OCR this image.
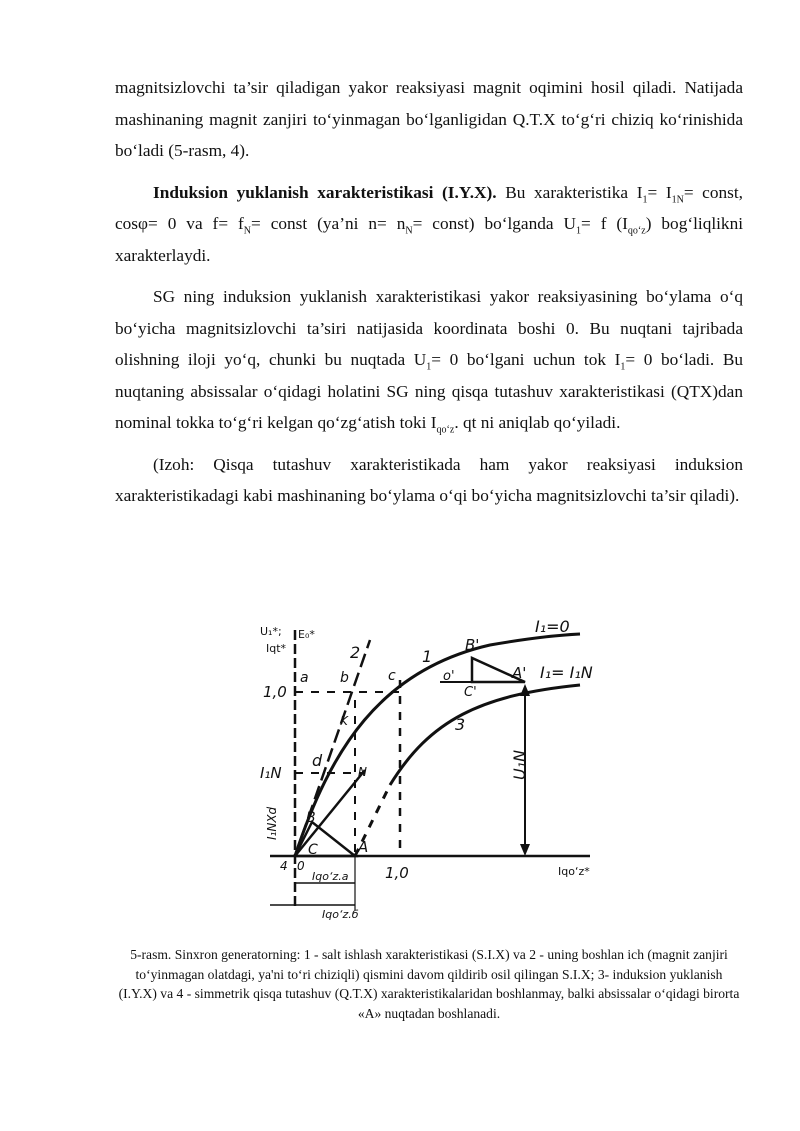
magnitsizlovchi ta’sir qiladigan yakor reaksiyasi magnit oqimini hosil qiladi. Natijada mashinaning magnit zanjiri to‘yinmagan bo‘lganligidan Q.T.X to‘g‘ri chiziq ko‘rinishida bo‘ladi (5-rasm, 4).

Induksion yuklanish xarakteristikasi (I.Y.X). Bu xarakteristika $I_1= I_{1N}=$ const, cosφ= 0 va $f= f_N=$ const (ya’ni $n= n_N=$ const) bo‘lganda $U_1= f$ $(I_{qo‘z})$ bog‘liqlikni xarakterlaydi.

SG ning induksion yuklanish xarakteristikasi yakor reaksiyasining bo‘ylama o‘q bo‘yicha magnitsizlovchi ta’siri natijasida koordinata boshi 0. Bu nuqtani tajribada olishning iloji yo‘q, chunki bu nuqtada $U_1= 0$ bo‘lgani uchun tok $I_1= 0$ bo‘ladi. Bu nuqtaning absissalar o‘qidagi holatini SG ning qisqa tutashuv xarakteristikasi (QTX)dan nominal tokka to‘g‘ri kelgan qo‘zg‘atish toki $I_{qo‘z}$. qt ni aniqlab qo‘yiladi.

(Izoh: Qisqa tutashuv xarakteristikada ham yakor reaksiyasi induksion xarakteristikadagi kabi mashinaning bo‘ylama o‘qi bo‘yicha magnitsizlovchi ta’sir qiladi).

U₁*;
Iqt*
E₀*
Iqo‘z*
1,0
1,0
I₁N
I₁NXd
0
4
a b	c
d
A
A'
B
B'
C
C'
o'
N
K
1
2
3
I₁=0
I₁= I₁N
U₁N
Iqo‘z.a
Iqo‘z.б
5-rasm. Sinxron generatorning: 1 - salt ishlash xarakteristikasi (S.I.X) va 2 - uning boshlan ich (magnit zanjiri to‘yinmagan olatdagi, ya'ni to‘ri chiziqli) qismini davom qildirib osil qilingan S.I.X; 3- induksion yuklanish (I.Y.X) va 4 - simmetrik qisqa tutashuv (Q.T.X) xarakteristikalaridan boshlanmay, balki absissalar o‘qidagi birorta «A» nuqtadan boshlanadi.
